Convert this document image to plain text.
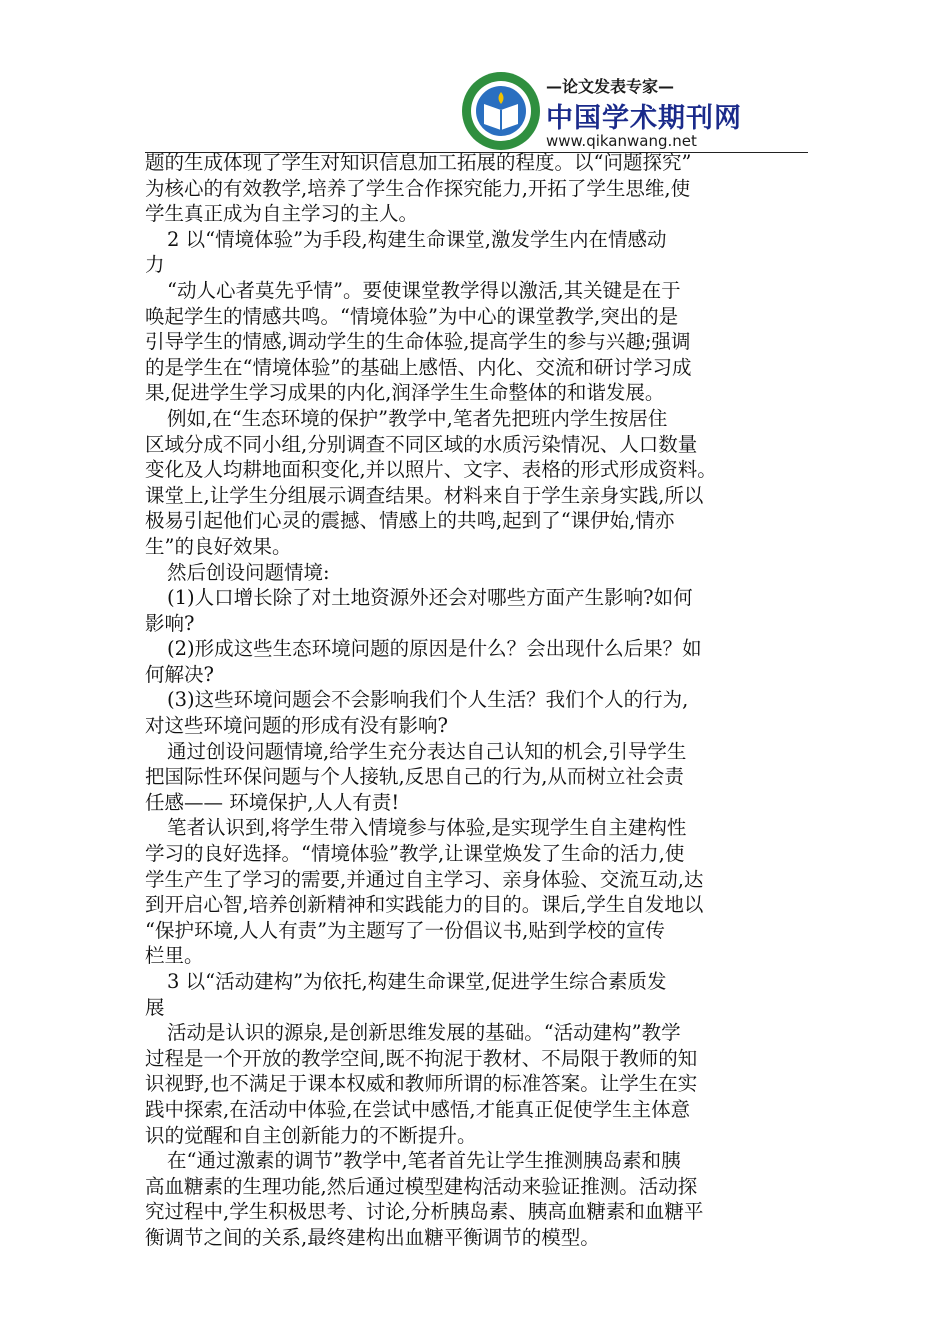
—论文发表专家—
中国学术期刊网
www.qikanwang.net
题的生成体现了学生对知识信息加工拓展的程度。以“问题探究”
为核心的有效教学,培养了学生合作探究能力,开拓了学生思维,使
学生真正成为自主学习的主人。
2 以“情境体验”为手段,构建生命课堂,激发学生内在情感动
力
“动人心者莫先乎情”。要使课堂教学得以激活,其关键是在于
唤起学生的情感共鸣。“情境体验”为中心的课堂教学,突出的是
引导学生的情感,调动学生的生命体验,提高学生的参与兴趣;强调
的是学生在“情境体验”的基础上感悟、内化、交流和研讨学习成
果,促进学生学习成果的内化,润泽学生生命整体的和谐发展。
例如,在“生态环境的保护”教学中,笔者先把班内学生按居住
区域分成不同小组,分别调查不同区域的水质污染情况、人口数量
变化及人均耕地面积变化,并以照片、文字、表格的形式形成资料。
课堂上,让学生分组展示调查结果。材料来自于学生亲身实践,所以
极易引起他们心灵的震撼、情感上的共鸣,起到了“课伊始,情亦
生”的良好效果。
然后创设问题情境:
(1)人口增长除了对土地资源外还会对哪些方面产生影响?如何
影响?
(2)形成这些生态环境问题的原因是什么？会出现什么后果？如
何解决?
(3)这些环境问题会不会影响我们个人生活？我们个人的行为,
对这些环境问题的形成有没有影响?
通过创设问题情境,给学生充分表达自己认知的机会,引导学生
把国际性环保问题与个人接轨,反思自己的行为,从而树立社会责
任感—— 环境保护,人人有责!
笔者认识到,将学生带入情境参与体验,是实现学生自主建构性
学习的良好选择。“情境体验”教学,让课堂焕发了生命的活力,使
学生产生了学习的需要,并通过自主学习、亲身体验、交流互动,达
到开启心智,培养创新精神和实践能力的目的。课后,学生自发地以
“保护环境,人人有责”为主题写了一份倡议书,贴到学校的宣传
栏里。
3 以“活动建构”为依托,构建生命课堂,促进学生综合素质发
展
活动是认识的源泉,是创新思维发展的基础。“活动建构”教学
过程是一个开放的教学空间,既不拘泥于教材、不局限于教师的知
识视野,也不满足于课本权威和教师所谓的标准答案。让学生在实
践中探索,在活动中体验,在尝试中感悟,才能真正促使学生主体意
识的觉醒和自主创新能力的不断提升。
在“通过激素的调节”教学中,笔者首先让学生推测胰岛素和胰
高血糖素的生理功能,然后通过模型建构活动来验证推测。活动探
究过程中,学生积极思考、讨论,分析胰岛素、胰高血糖素和血糖平
衡调节之间的关系,最终建构出血糖平衡调节的模型。
